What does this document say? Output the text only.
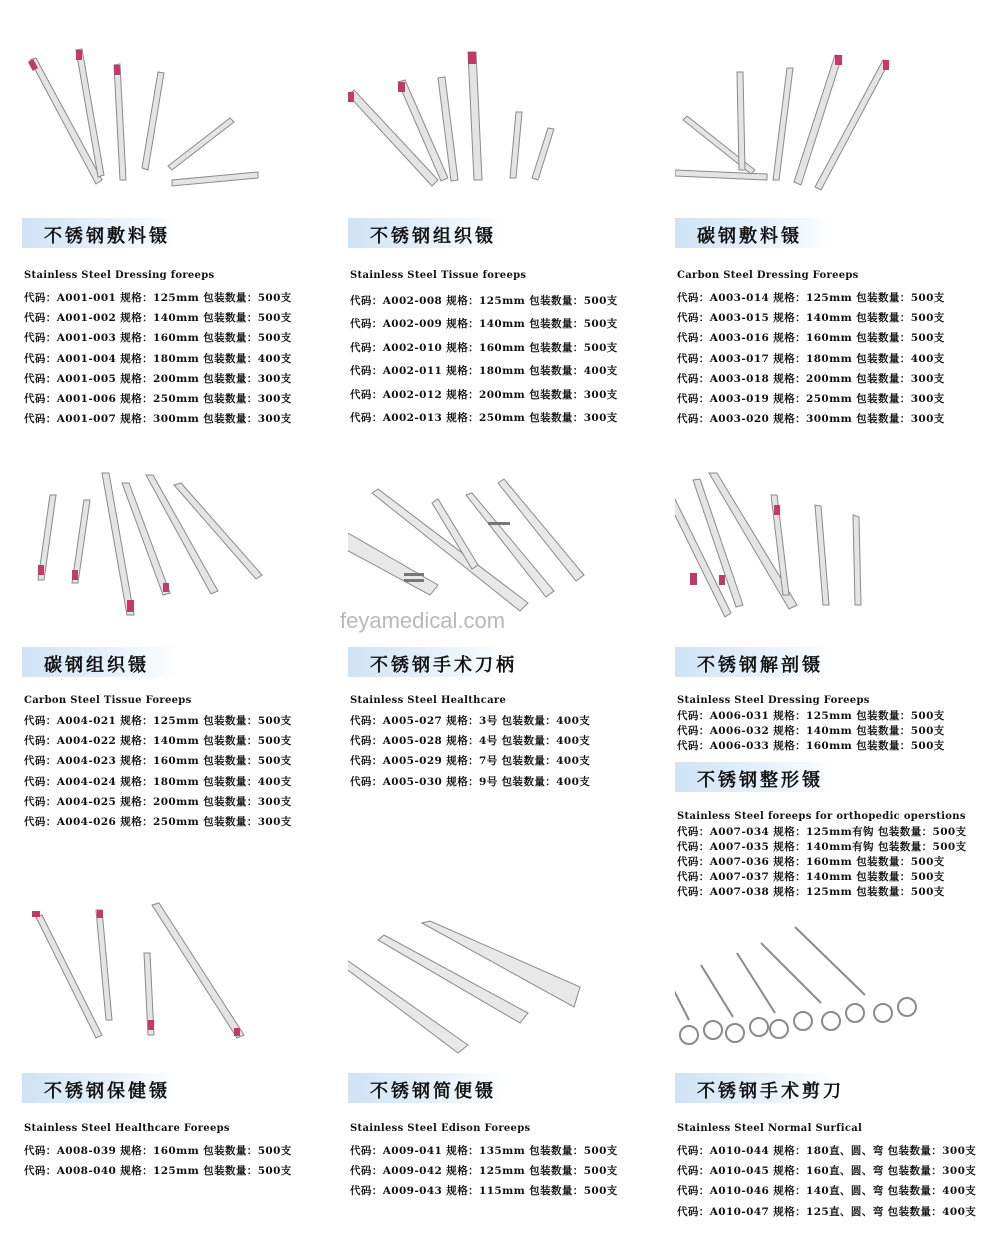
不锈钢敷料镊
Stainless Steel Dressing foreeps
代码：A001-001 规格：125mm 包装数量：500支
代码：A001-002 规格：140mm 包装数量：500支
代码：A001-003 规格：160mm 包装数量：500支
代码：A001-004 规格：180mm 包装数量：400支
代码：A001-005 规格：200mm 包装数量：300支
代码：A001-006 规格：250mm 包装数量：300支
代码：A001-007 规格：300mm 包装数量：300支
不锈钢组织镊
Stainless Steel Tissue foreeps
代码：A002-008 规格：125mm 包装数量：500支
代码：A002-009 规格：140mm 包装数量：500支
代码：A002-010 规格：160mm 包装数量：500支
代码：A002-011 规格：180mm 包装数量：400支
代码：A002-012 规格：200mm 包装数量：300支
代码：A002-013 规格：250mm 包装数量：300支
碳钢敷料镊
Carbon Steel Dressing Foreeps
代码：A003-014 规格：125mm 包装数量：500支
代码：A003-015 规格：140mm 包装数量：500支
代码：A003-016 规格：160mm 包装数量：500支
代码：A003-017 规格：180mm 包装数量：400支
代码：A003-018 规格：200mm 包装数量：300支
代码：A003-019 规格：250mm 包装数量：300支
代码：A003-020 规格：300mm 包装数量：300支
碳钢组织镊
Carbon Steel Tissue Foreeps
代码：A004-021 规格：125mm 包装数量：500支
代码：A004-022 规格：140mm 包装数量：500支
代码：A004-023 规格：160mm 包装数量：500支
代码：A004-024 规格：180mm 包装数量：400支
代码：A004-025 规格：200mm 包装数量：300支
代码：A004-026 规格：250mm 包装数量：300支
feyamedical.com
不锈钢手术刀柄
Stainless Steel Healthcare
代码：A005-027 规格：3号 包装数量：400支
代码：A005-028 规格：4号 包装数量：400支
代码：A005-029 规格：7号 包装数量：400支
代码：A005-030 规格：9号 包装数量：400支
不锈钢解剖镊
Stainless Steel Dressing Foreeps
代码：A006-031 规格：125mm 包装数量：500支
代码：A006-032 规格：140mm 包装数量：500支
代码：A006-033 规格：160mm 包装数量：500支
不锈钢整形镊
Stainless Steel foreeps for orthopedic operstions
代码：A007-034 规格：125mm有钩 包装数量：500支
代码：A007-035 规格：140mm有钩 包装数量：500支
代码：A007-036 规格：160mm 包装数量：500支
代码：A007-037 规格：140mm 包装数量：500支
代码：A007-038 规格：125mm 包装数量：500支
不锈钢保健镊
Stainless Steel Healthcare Foreeps
代码：A008-039 规格：160mm 包装数量：500支
代码：A008-040 规格：125mm 包装数量：500支
不锈钢简便镊
Stainless Steel Edison Foreeps
代码：A009-041 规格：135mm 包装数量：500支
代码：A009-042 规格：125mm 包装数量：500支
代码：A009-043 规格：115mm 包装数量：500支
不锈钢手术剪刀
Stainless Steel Normal Surfical
代码：A010-044 规格：180直、圆、弯 包装数量：300支
代码：A010-045 规格：160直、圆、弯 包装数量：300支
代码：A010-046 规格：140直、圆、弯 包装数量：400支
代码：A010-047 规格：125直、圆、弯 包装数量：400支
